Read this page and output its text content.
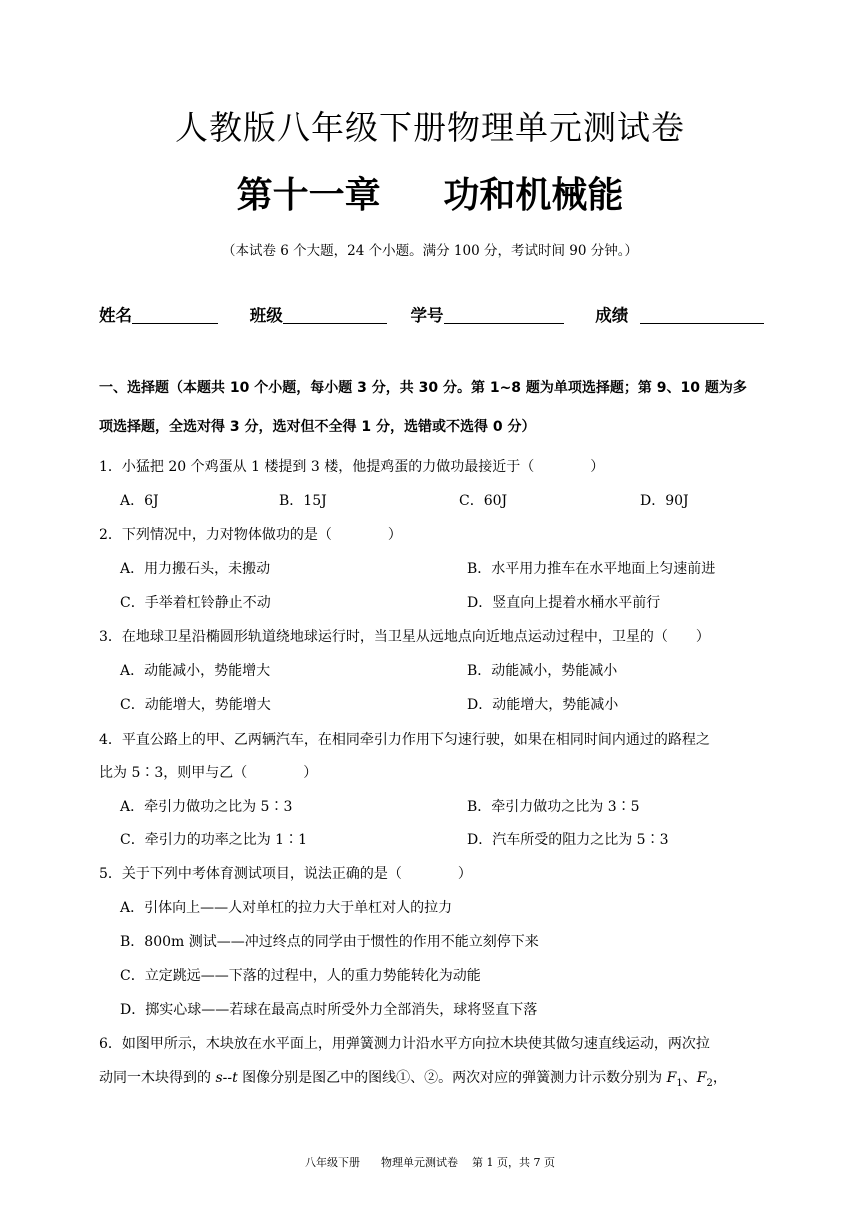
人教版八年级下册物理单元测试卷
第十一章     功和机械能
（本试卷 6 个大题，24 个小题。满分 100 分，考试时间 90 分钟。）
姓名	班级	学号	成绩
一、选择题（本题共 10 个小题，每小题 3 分，共 30 分。第 1~8 题为单项选择题；第 9、10 题为多
项选择题，全选对得 3 分，选对但不全得 1 分，选错或不选得 0 分）
1．小猛把 20 个鸡蛋从 1 楼提到 3 楼，他提鸡蛋的力做功最接近于（　　　　）
A．6J	B．15J	C．60J	D．90J
2．下列情况中，力对物体做功的是（　　　　）
A．用力搬石头，未搬动	B．水平用力推车在水平地面上匀速前进
C．手举着杠铃静止不动	D．竖直向上提着水桶水平前行
3．在地球卫星沿椭圆形轨道绕地球运行时，当卫星从远地点向近地点运动过程中，卫星的（　　）
A．动能减小，势能增大	B．动能减小，势能减小
C．动能增大，势能增大	D．动能增大，势能减小
4．平直公路上的甲、乙两辆汽车，在相同牵引力作用下匀速行驶，如果在相同时间内通过的路程之
比为 5∶3，则甲与乙（　　　　）
A．牵引力做功之比为 5∶3	B．牵引力做功之比为 3∶5
C．牵引力的功率之比为 1∶1	D．汽车所受的阻力之比为 5∶3
5．关于下列中考体育测试项目，说法正确的是（　　　　）
A．引体向上——人对单杠的拉力大于单杠对人的拉力
B．800m 测试——冲过终点的同学由于惯性的作用不能立刻停下来
C．立定跳远——下落的过程中，人的重力势能转化为动能
D．掷实心球——若球在最高点时所受外力全部消失，球将竖直下落
6．如图甲所示，木块放在水平面上，用弹簧测力计沿水平方向拉木块使其做匀速直线运动，两次拉
动同一木块得到的 s--t 图像分别是图乙中的图线①、②。两次对应的弹簧测力计示数分别为 $F_1$、$F_2$，
八年级下册      物理单元测试卷    第 1 页，共 7 页
